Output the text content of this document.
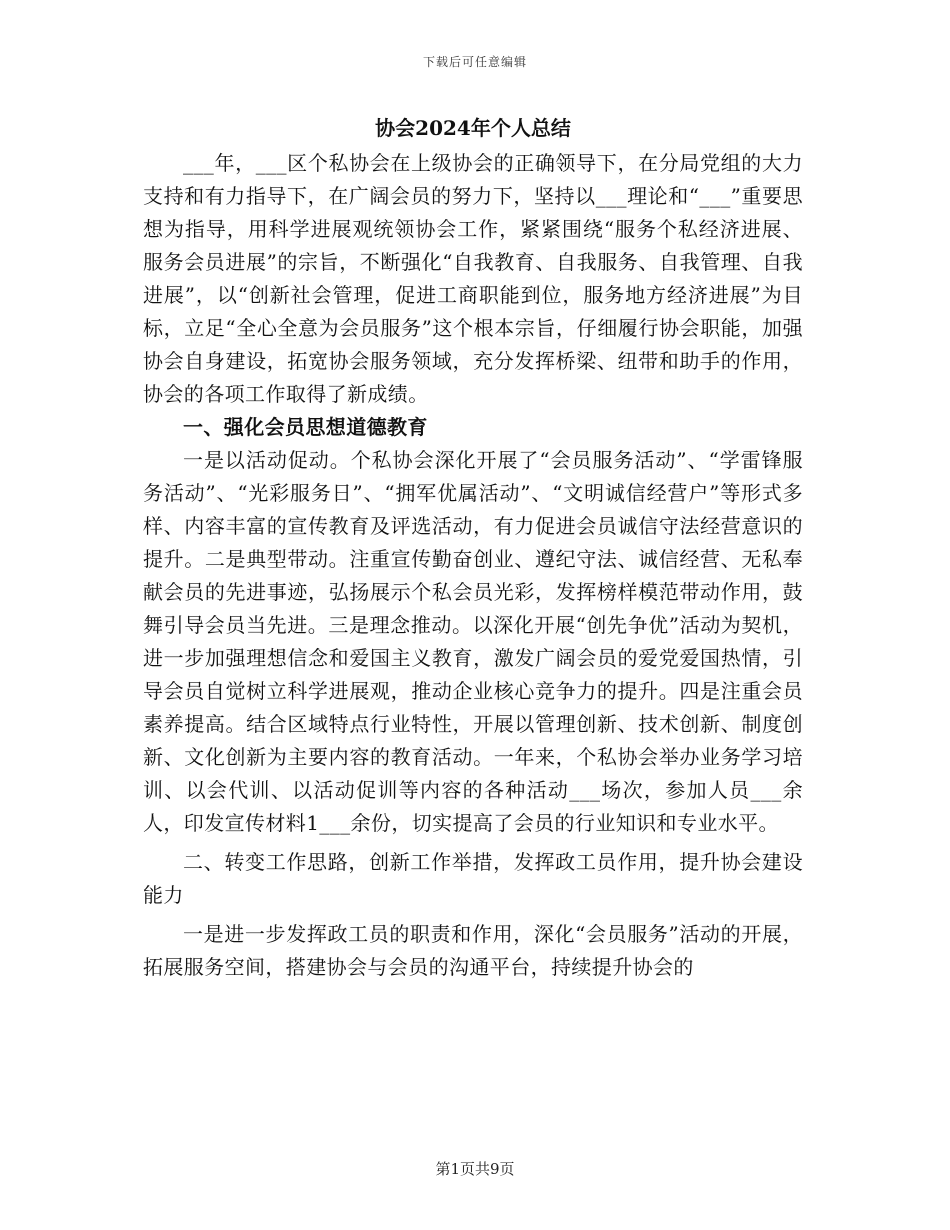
下载后可任意编辑
协会2024年个人总结

___年，___区个私协会在上级协会的正确领导下，在分局党组的大力支持和有力指导下，在广阔会员的努力下，坚持以___理论和“___”重要思想为指导，用科学进展观统领协会工作，紧紧围绕“服务个私经济进展、服务会员进展”的宗旨，不断强化“自我教育、自我服务、自我管理、自我进展”，以“创新社会管理，促进工商职能到位，服务地方经济进展”为目标，立足“全心全意为会员服务”这个根本宗旨，仔细履行协会职能，加强协会自身建设，拓宽协会服务领域，充分发挥桥梁、纽带和助手的作用，协会的各项工作取得了新成绩。

一、强化会员思想道德教育

一是以活动促动。个私协会深化开展了“会员服务活动”、“学雷锋服务活动”、“光彩服务日”、“拥军优属活动”、“文明诚信经营户”等形式多样、内容丰富的宣传教育及评选活动，有力促进会员诚信守法经营意识的提升。二是典型带动。注重宣传勤奋创业、遵纪守法、诚信经营、无私奉献会员的先进事迹，弘扬展示个私会员光彩，发挥榜样模范带动作用，鼓舞引导会员当先进。三是理念推动。以深化开展“创先争优”活动为契机，进一步加强理想信念和爱国主义教育，激发广阔会员的爱党爱国热情，引导会员自觉树立科学进展观，推动企业核心竞争力的提升。四是注重会员素养提高。结合区域特点行业特性，开展以管理创新、技术创新、制度创新、文化创新为主要内容的教育活动。一年来，个私协会举办业务学习培训、以会代训、以活动促训等内容的各种活动___场次，参加人员___余人，印发宣传材料1___余份，切实提高了会员的行业知识和专业水平。

二、转变工作思路，创新工作举措，发挥政工员作用，提升协会建设能力

一是进一步发挥政工员的职责和作用，深化“会员服务”活动的开展，拓展服务空间，搭建协会与会员的沟通平台，持续提升协会的

第1页共9页
